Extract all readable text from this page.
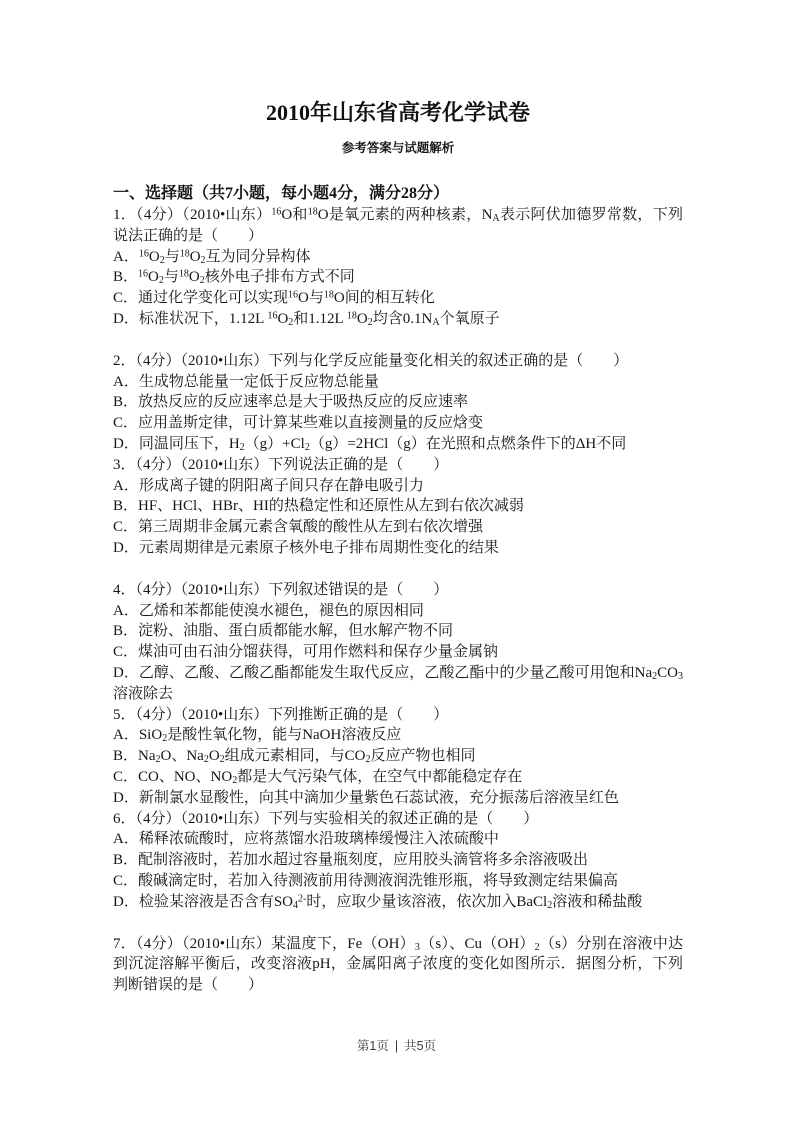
2010年山东省高考化学试卷
参考答案与试题解析
一、选择题（共7小题，每小题4分，满分28分）

1．（4分）（2010•山东）$^{16}$O和$^{18}$O是氧元素的两种核素，$N_A$表示阿伏加德罗常数，下列说法正确的是（　　）

A．$^{16}O_2$与$^{18}O_2$互为同分异构体

B．$^{16}O_2$与$^{18}O_2$核外电子排布方式不同

C．通过化学变化可以实现$^{16}$O与$^{18}$O间的相互转化

D．标准状况下，1.12L $^{16}O_2$和1.12L $^{18}O_2$均含$0.1N_A$个氧原子

2．（4分）（2010•山东）下列与化学反应能量变化相关的叙述正确的是（　　）

A．生成物总能量一定低于反应物总能量

B．放热反应的反应速率总是大于吸热反应的反应速率

C．应用盖斯定律，可计算某些难以直接测量的反应焓变

D．同温同压下，$H_2(g)+Cl_2(g)=2HCl(g)$在光照和点燃条件下的ΔH不同

3．（4分）（2010•山东）下列说法正确的是（　　）

A．形成离子键的阴阳离子间只存在静电吸引力

B．HF、HCl、HBr、HI的热稳定性和还原性从左到右依次减弱

C．第三周期非金属元素含氧酸的酸性从左到右依次增强

D．元素周期律是元素原子核外电子排布周期性变化的结果

4．（4分）（2010•山东）下列叙述错误的是（　　）

A．乙烯和苯都能使溴水褪色，褪色的原因相同

B．淀粉、油脂、蛋白质都能水解，但水解产物不同

C．煤油可由石油分馏获得，可用作燃料和保存少量金属钠

D．乙醇、乙酸、乙酸乙酯都能发生取代反应，乙酸乙酯中的少量乙酸可用饱和$Na_2CO_3$溶液除去

5．（4分）（2010•山东）下列推断正确的是（　　）

A．SiO$_2$是酸性氧化物，能与NaOH溶液反应

B．$Na_2O$、$Na_2O_2$组成元素相同，与$CO_2$反应产物也相同

C．CO、NO、$NO_2$都是大气污染气体，在空气中都能稳定存在

D．新制氯水显酸性，向其中滴加少量紫色石蕊试液，充分振荡后溶液呈红色

6．（4分）（2010•山东）下列与实验相关的叙述正确的是（　　）

A．稀释浓硫酸时，应将蒸馏水沿玻璃棒缓慢注入浓硫酸中

B．配制溶液时，若加水超过容量瓶刻度，应用胶头滴管将多余溶液吸出

C．酸碱滴定时，若加入待测液前用待测液润洗锥形瓶，将导致测定结果偏高

D．检验某溶液是否含有$SO_4^{2-}$时，应取少量该溶液，依次加入BaCl$_2$溶液和稀盐酸

7．（4分）（2010•山东）某温度下，$Fe(OH)_3(s)$、$Cu(OH)_2(s)$分别在溶液中达到沉淀溶解平衡后，改变溶液pH，金属阳离子浓度的变化如图所示．据图分析，下列判断错误的是（　　）

第1页 | 共5页
